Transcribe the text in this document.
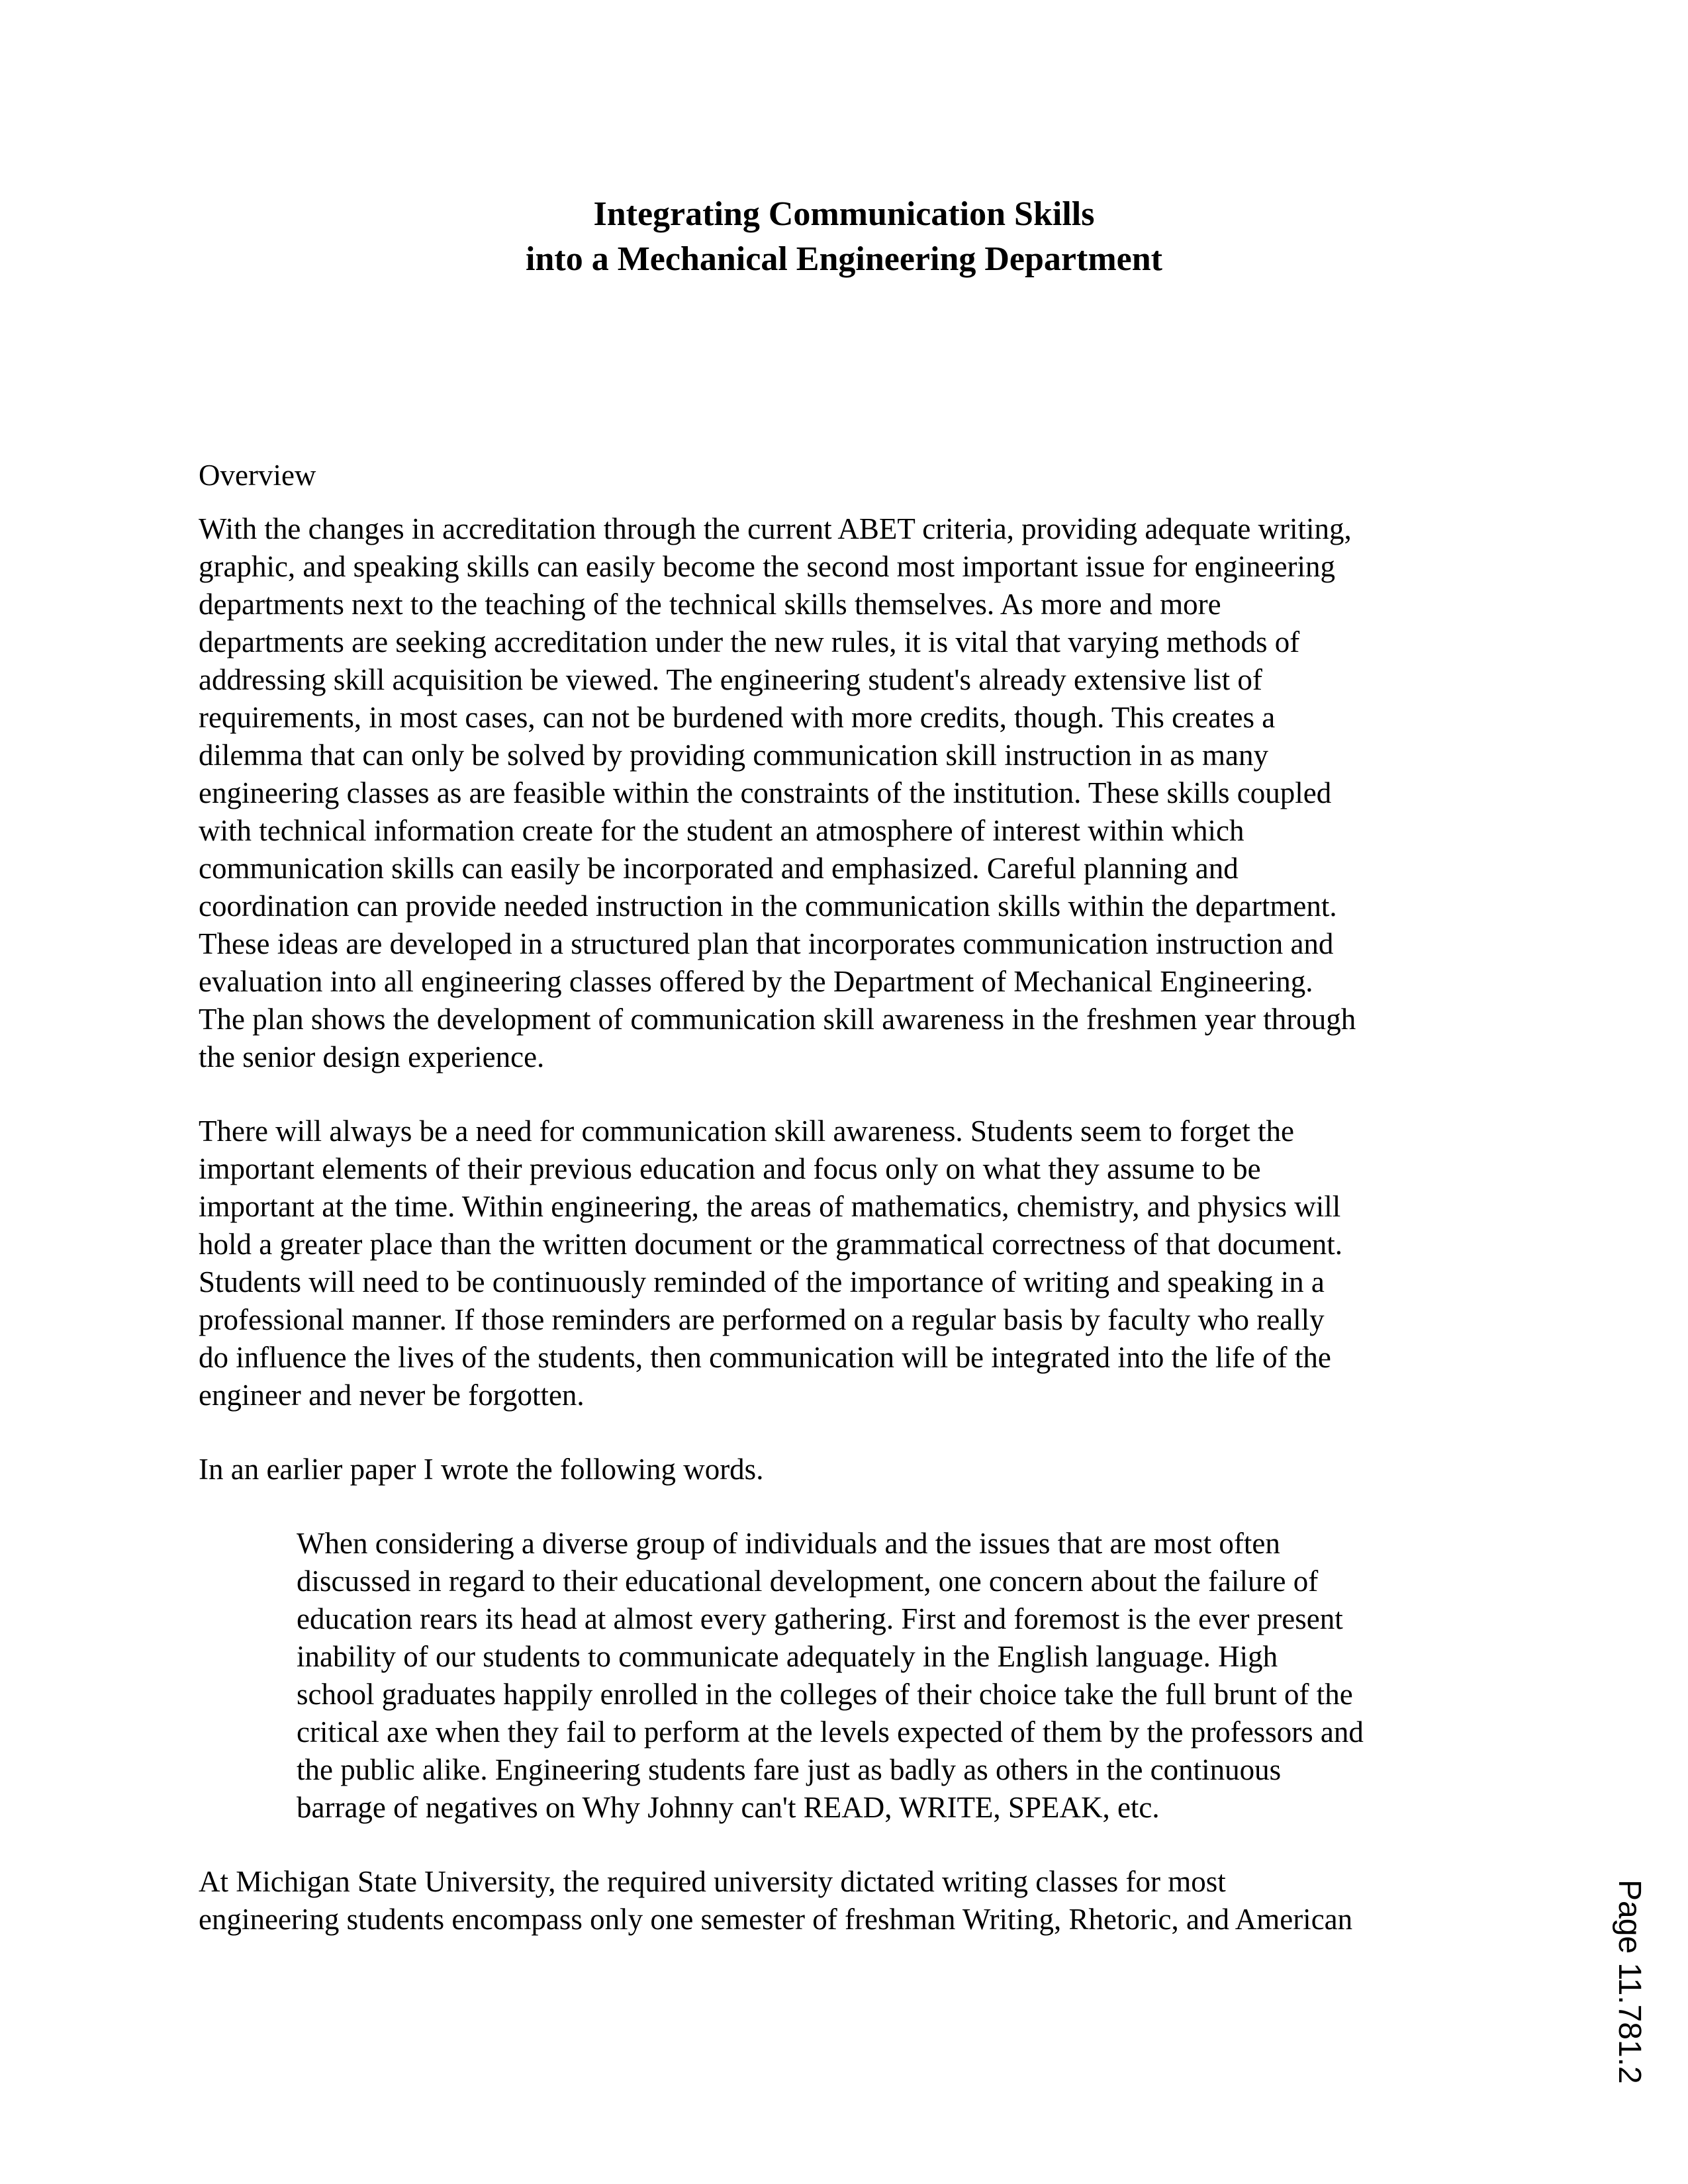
Integrating Communication Skills
into a Mechanical Engineering Department
Overview
With the changes in accreditation through the current ABET criteria, providing adequate writing,
graphic, and speaking skills can easily become the second most important issue for engineering
departments next to the teaching of the technical skills themselves. As more and more
departments are seeking accreditation under the new rules, it is vital that varying methods of
addressing skill acquisition be viewed. The engineering student's already extensive list of
requirements, in most cases, can not be burdened with more credits, though. This creates a
dilemma that can only be solved by providing communication skill instruction in as many
engineering classes as are feasible within the constraints of the institution. These skills coupled
with technical information create for the student an atmosphere of interest within which
communication skills can easily be incorporated and emphasized. Careful planning and
coordination can provide needed instruction in the communication skills within the department.
These ideas are developed in a structured plan that incorporates communication instruction and
evaluation into all engineering classes offered by the Department of Mechanical Engineering.
The plan shows the development of communication skill awareness in the freshmen year through
the senior design experience.
There will always be a need for communication skill awareness. Students seem to forget the
important elements of their previous education and focus only on what they assume to be
important at the time. Within engineering, the areas of mathematics, chemistry, and physics will
hold a greater place than the written document or the grammatical correctness of that document.
Students will need to be continuously reminded of the importance of writing and speaking in a
professional manner. If those reminders are performed on a regular basis by faculty who really
do influence the lives of the students, then communication will be integrated into the life of the
engineer and never be forgotten.
In an earlier paper I wrote the following words.
When considering a diverse group of individuals and the issues that are most often
discussed in regard to their educational development, one concern about the failure of
education rears its head at almost every gathering. First and foremost is the ever present
inability of our students to communicate adequately in the English language. High
school graduates happily enrolled in the colleges of their choice take the full brunt of the
critical axe when they fail to perform at the levels expected of them by the professors and
the public alike. Engineering students fare just as badly as others in the continuous
barrage of negatives on Why Johnny can't READ, WRITE, SPEAK, etc.
At Michigan State University, the required university dictated writing classes for most
engineering students encompass only one semester of freshman Writing, Rhetoric, and American	Page 11.781.2
